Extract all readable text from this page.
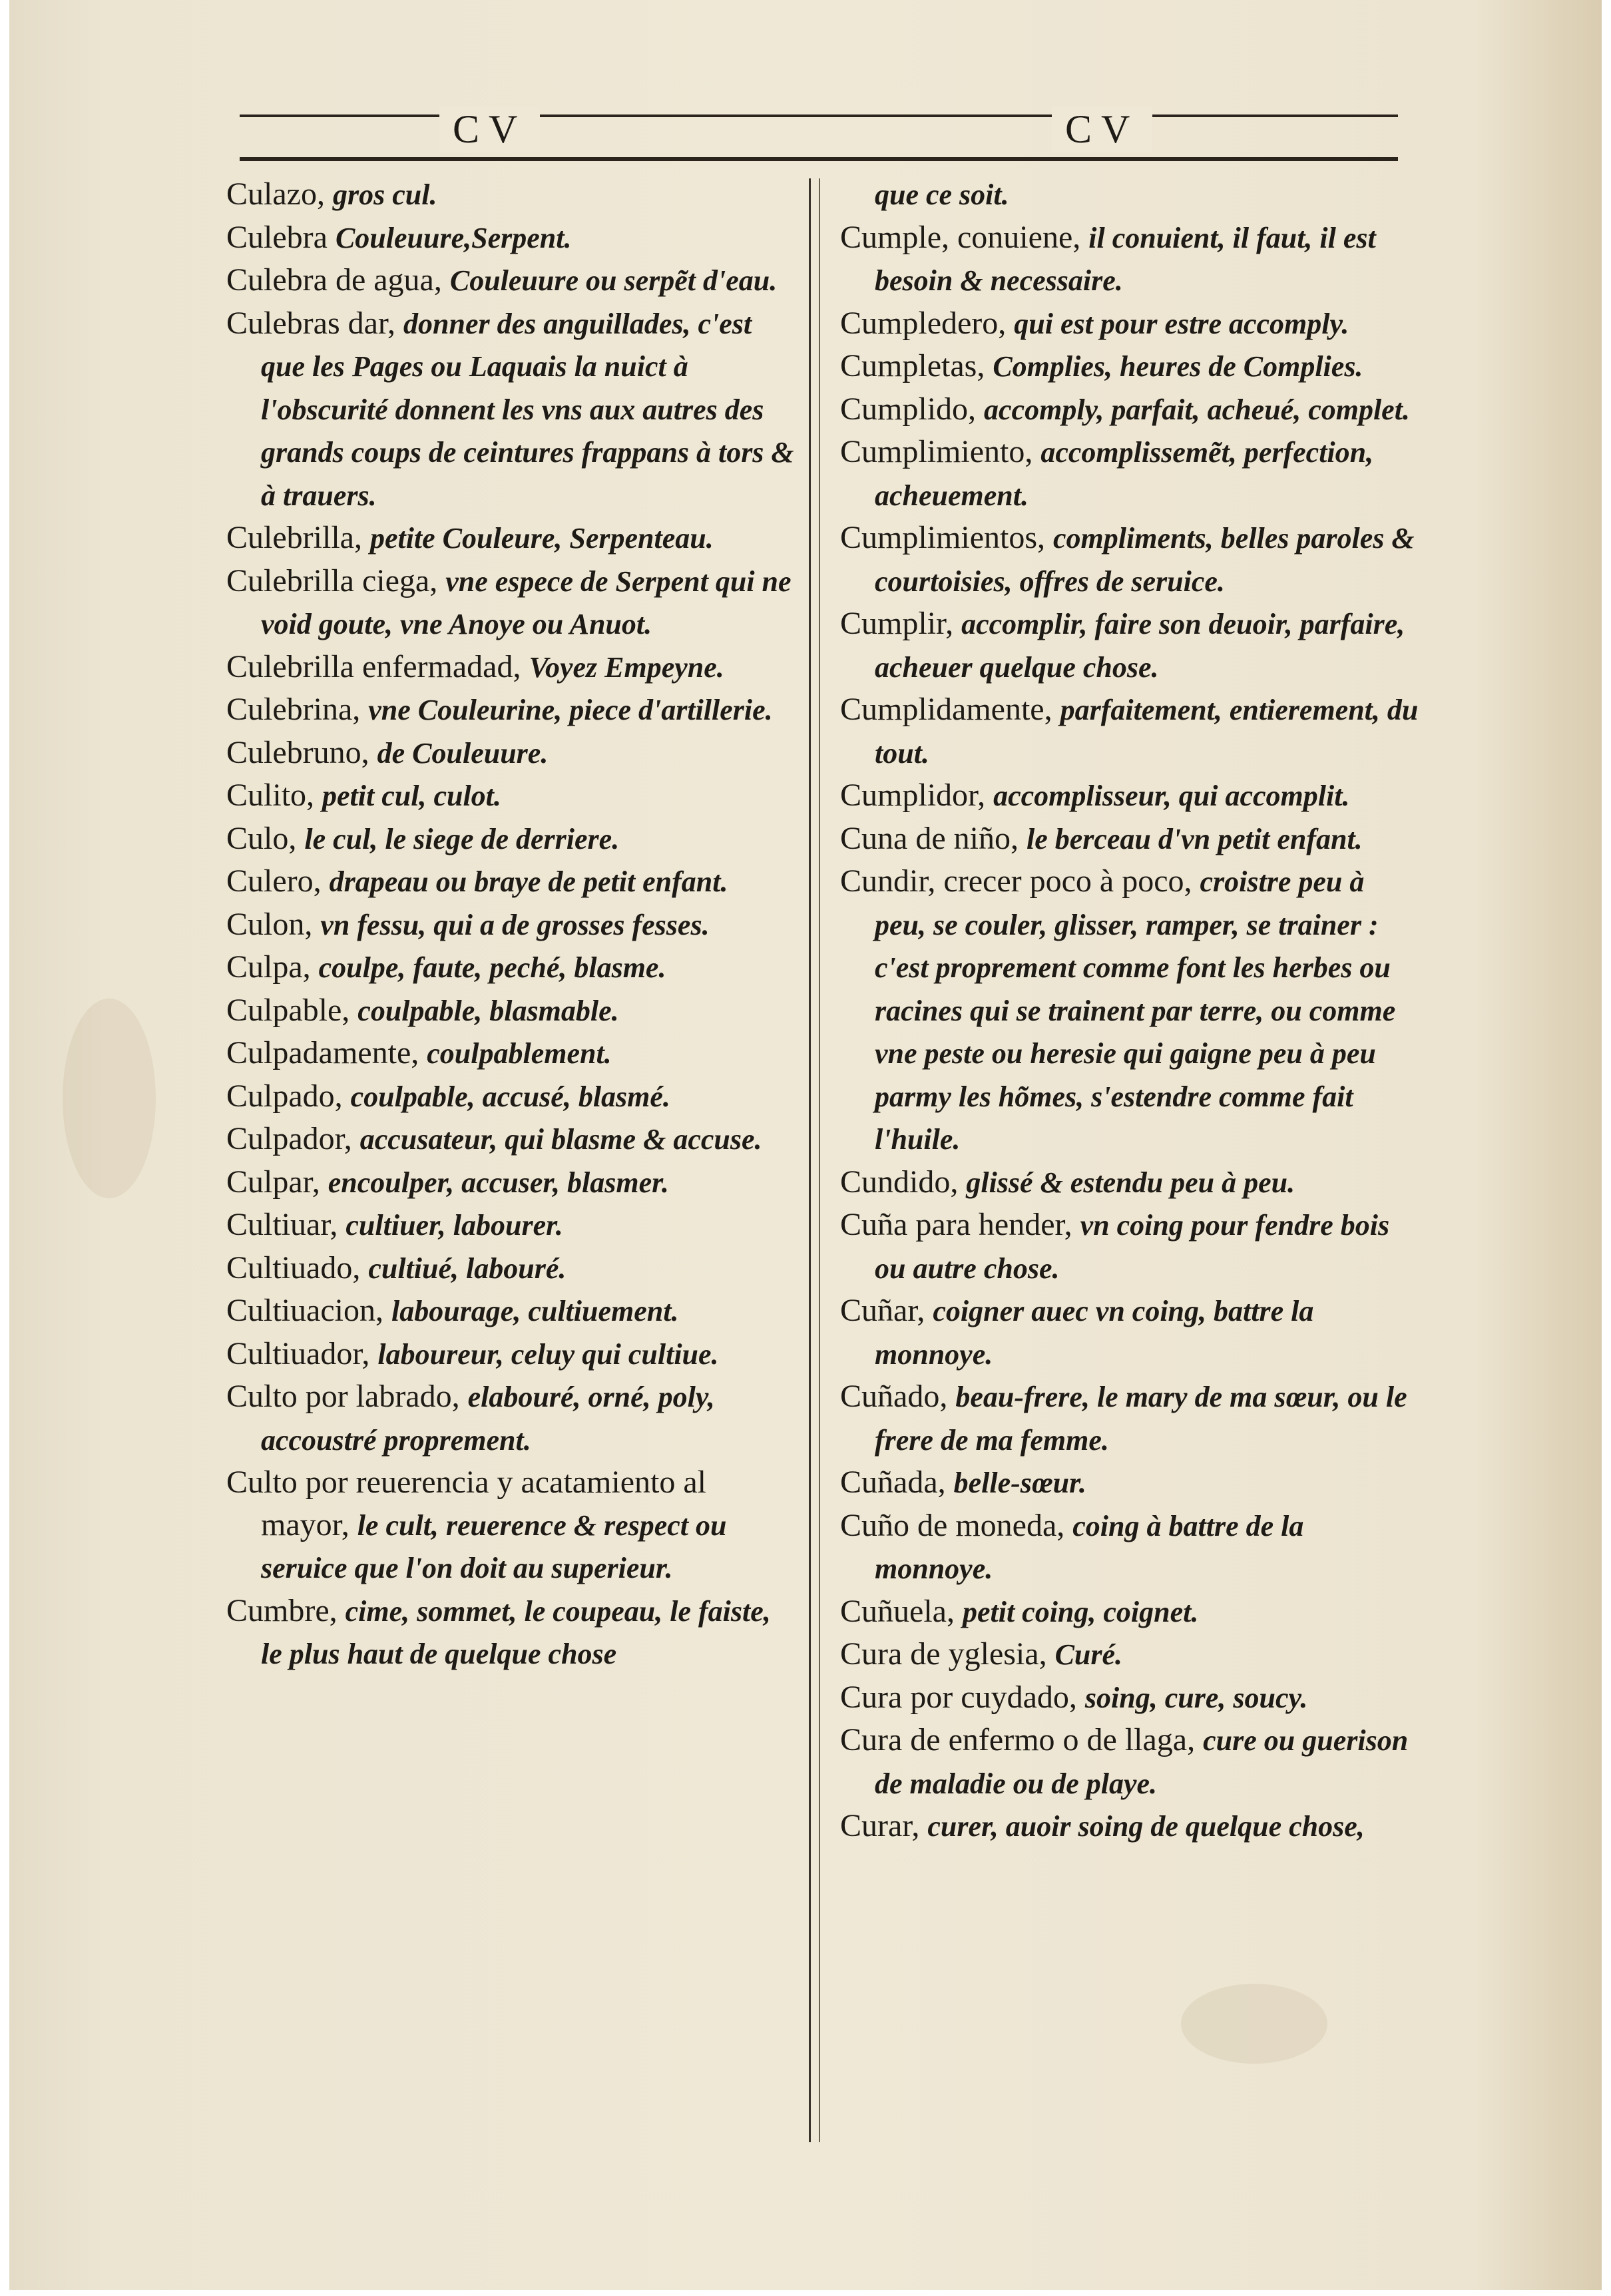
CV	CV

Culazo, gros cul.

Culebra Couleuure,Serpent.

Culebra de agua, Couleuure ou serpẽt d'eau.

Culebras dar, donner des anguillades, c'est que les Pages ou Laquais la nuict à l'obscurité donnent les vns aux autres des grands coups de ceintures frappans à tors & à trauers.

Culebrilla, petite Couleure, Serpenteau.

Culebrilla ciega, vne espece de Serpent qui ne void goute, vne Anoye ou Anuot.

Culebrilla enfermadad, Voyez Empeyne.

Culebrina, vne Couleurine, piece d'artillerie.

Culebruno, de Couleuure.

Culito, petit cul, culot.

Culo, le cul, le siege de derriere.

Culero, drapeau ou braye de petit enfant.

Culon, vn fessu, qui a de grosses fesses.

Culpa, coulpe, faute, peché, blasme.

Culpable, coulpable, blasmable.

Culpadamente, coulpablement.

Culpado, coulpable, accusé, blasmé.

Culpador, accusateur, qui blasme & accuse.

Culpar, encoulper, accuser, blasmer.

Cultiuar, cultiuer, labourer.

Cultiuado, cultiué, labouré.

Cultiuacion, labourage, cultiuement.

Cultiuador, laboureur, celuy qui cultiue.

Culto por labrado, elabouré, orné, poly, accoustré proprement.

Culto por reuerencia y acatamiento al mayor, le cult, reuerence & respect ou seruice que l'on doit au superieur.

Cumbre, cime, sommet, le coupeau, le faiste, le plus haut de quelque chose

que ce soit.

Cumple, conuiene, il conuient, il faut, il est besoin & necessaire.

Cumpledero, qui est pour estre accomply.

Cumpletas, Complies, heures de Complies.

Cumplido, accomply, parfait, acheué, complet.

Cumplimiento, accomplissemẽt, perfection, acheuement.

Cumplimientos, compliments, belles paroles & courtoisies, offres de seruice.

Cumplir, accomplir, faire son deuoir, parfaire, acheuer quelque chose.

Cumplidamente, parfaitement, entierement, du tout.

Cumplidor, accomplisseur, qui accomplit.

Cuna de niño, le berceau d'vn petit enfant.

Cundir, crecer poco à poco, croistre peu à peu, se couler, glisser, ramper, se trainer : c'est proprement comme font les herbes ou racines qui se trainent par terre, ou comme vne peste ou heresie qui gaigne peu à peu parmy les hõmes, s'estendre comme fait l'huile.

Cundido, glissé & estendu peu à peu.

Cuña para hender, vn coing pour fendre bois ou autre chose.

Cuñar, coigner auec vn coing, battre la monnoye.

Cuñado, beau-frere, le mary de ma sœur, ou le frere de ma femme.

Cuñada, belle-sœur.

Cuño de moneda, coing à battre de la monnoye.

Cuñuela, petit coing, coignet.

Cura de yglesia, Curé.

Cura por cuydado, soing, cure, soucy.

Cura de enfermo o de llaga, cure ou guerison de maladie ou de playe.

Curar, curer, auoir soing de quelque chose,
